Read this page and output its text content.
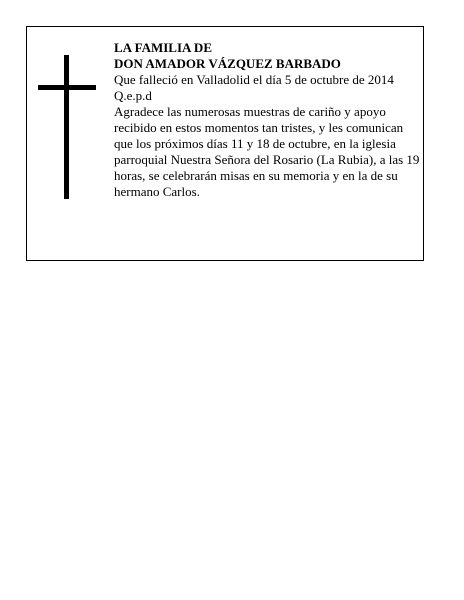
LA FAMILIA DE

DON AMADOR VÁZQUEZ BARBADO

Que falleció en Valladolid el día 5 de octubre de 2014

Q.e.p.d

Agradece las numerosas muestras de cariño y apoyo recibido en estos momentos tan tristes, y les comunican que los próximos días 11 y 18 de octubre, en la iglesia parroquial Nuestra Señora del Rosario (La Rubia), a las 19 horas, se celebrarán misas en su memoria y en la de su hermano Carlos.
